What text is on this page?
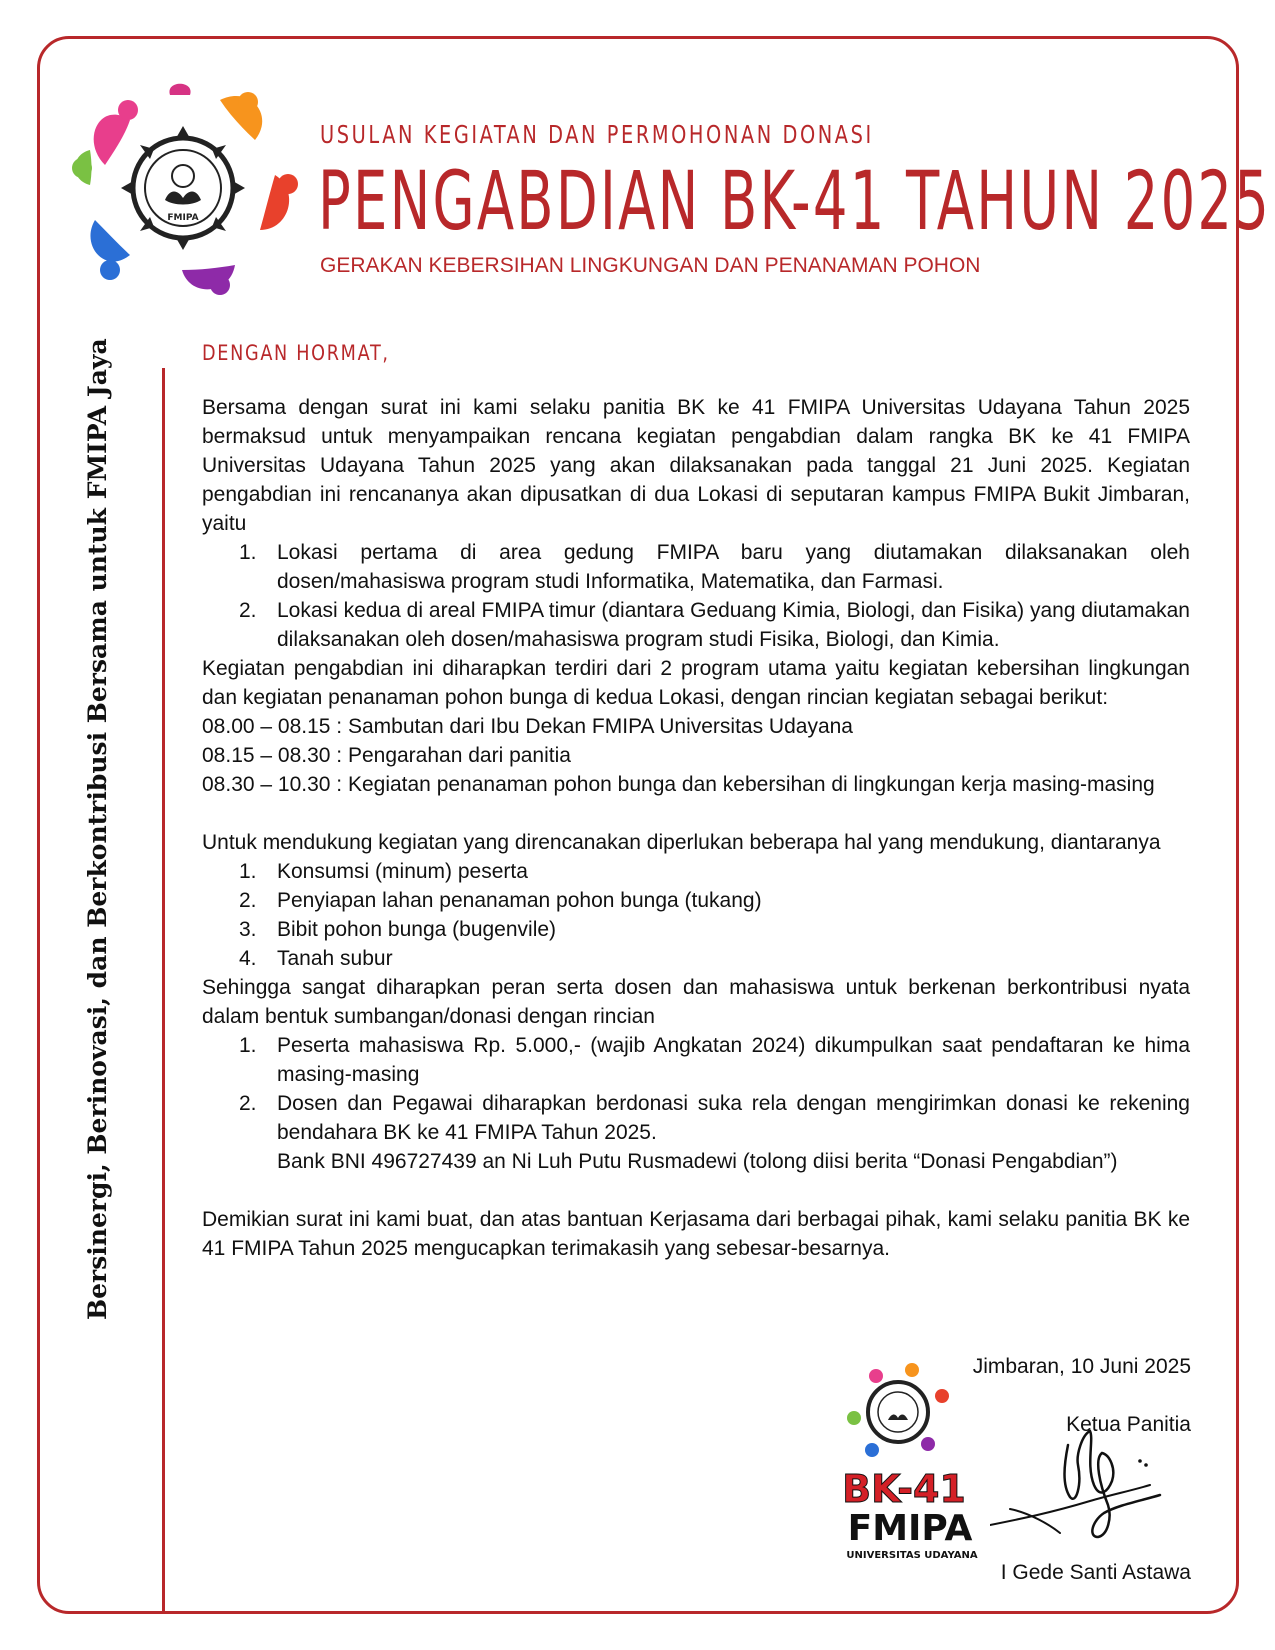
Bersinergi, Berinovasi, dan Berkontribusi Bersama untuk FMIPA Jaya
FMIPA
USULAN KEGIATAN DAN PERMOHONAN DONASI
PENGABDIAN BK-41 TAHUN 2025
GERAKAN KEBERSIHAN LINGKUNGAN DAN PENANAMAN POHON
DENGAN HORMAT,

Bersama dengan surat ini kami selaku panitia BK ke 41 FMIPA Universitas Udayana Tahun 2025 bermaksud untuk menyampaikan rencana kegiatan pengabdian dalam rangka BK ke 41 FMIPA Universitas Udayana Tahun 2025 yang akan dilaksanakan pada tanggal 21 Juni 2025. Kegiatan pengabdian ini rencananya akan dipusatkan di dua Lokasi di seputaran kampus FMIPA Bukit Jimbaran, yaitu

1. Lokasi pertama di area gedung FMIPA baru yang diutamakan dilaksanakan oleh dosen/mahasiswa program studi Informatika, Matematika, dan Farmasi.
2. Lokasi kedua di areal FMIPA timur (diantara Geduang Kimia, Biologi, dan Fisika) yang diutamakan dilaksanakan oleh dosen/mahasiswa program studi Fisika, Biologi, dan Kimia.

Kegiatan pengabdian ini diharapkan terdiri dari 2 program utama yaitu kegiatan kebersihan lingkungan dan kegiatan penanaman pohon bunga di kedua Lokasi, dengan rincian kegiatan sebagai berikut:

08.00 – 08.15 : Sambutan dari Ibu Dekan FMIPA Universitas Udayana
08.15 – 08.30 : Pengarahan dari panitia
08.30 – 10.30 : Kegiatan penanaman pohon bunga dan kebersihan di lingkungan kerja masing-masing

Untuk mendukung kegiatan yang direncanakan diperlukan beberapa hal yang mendukung, diantaranya

1. Konsumsi (minum) peserta
2. Penyiapan lahan penanaman pohon bunga (tukang)
3. Bibit pohon bunga (bugenvile)
4. Tanah subur

Sehingga sangat diharapkan peran serta dosen dan mahasiswa untuk berkenan berkontribusi nyata dalam bentuk sumbangan/donasi dengan rincian

1. Peserta mahasiswa Rp. 5.000,- (wajib Angkatan 2024) dikumpulkan saat pendaftaran ke hima masing-masing
2. Dosen dan Pegawai diharapkan berdonasi suka rela dengan mengirimkan donasi ke rekening bendahara BK ke 41 FMIPA Tahun 2025.
Bank BNI 496727439 an Ni Luh Putu Rusmadewi (tolong diisi berita “Donasi Pengabdian”)

Demikian surat ini kami buat, dan atas bantuan Kerjasama dari berbagai pihak, kami selaku panitia BK ke 41 FMIPA Tahun 2025 mengucapkan terimakasih yang sebesar-besarnya.

Jimbaran, 10 Juni 2025
Ketua Panitia
BK-41
FMIPA
UNIVERSITAS UDAYANA
I Gede Santi Astawa
